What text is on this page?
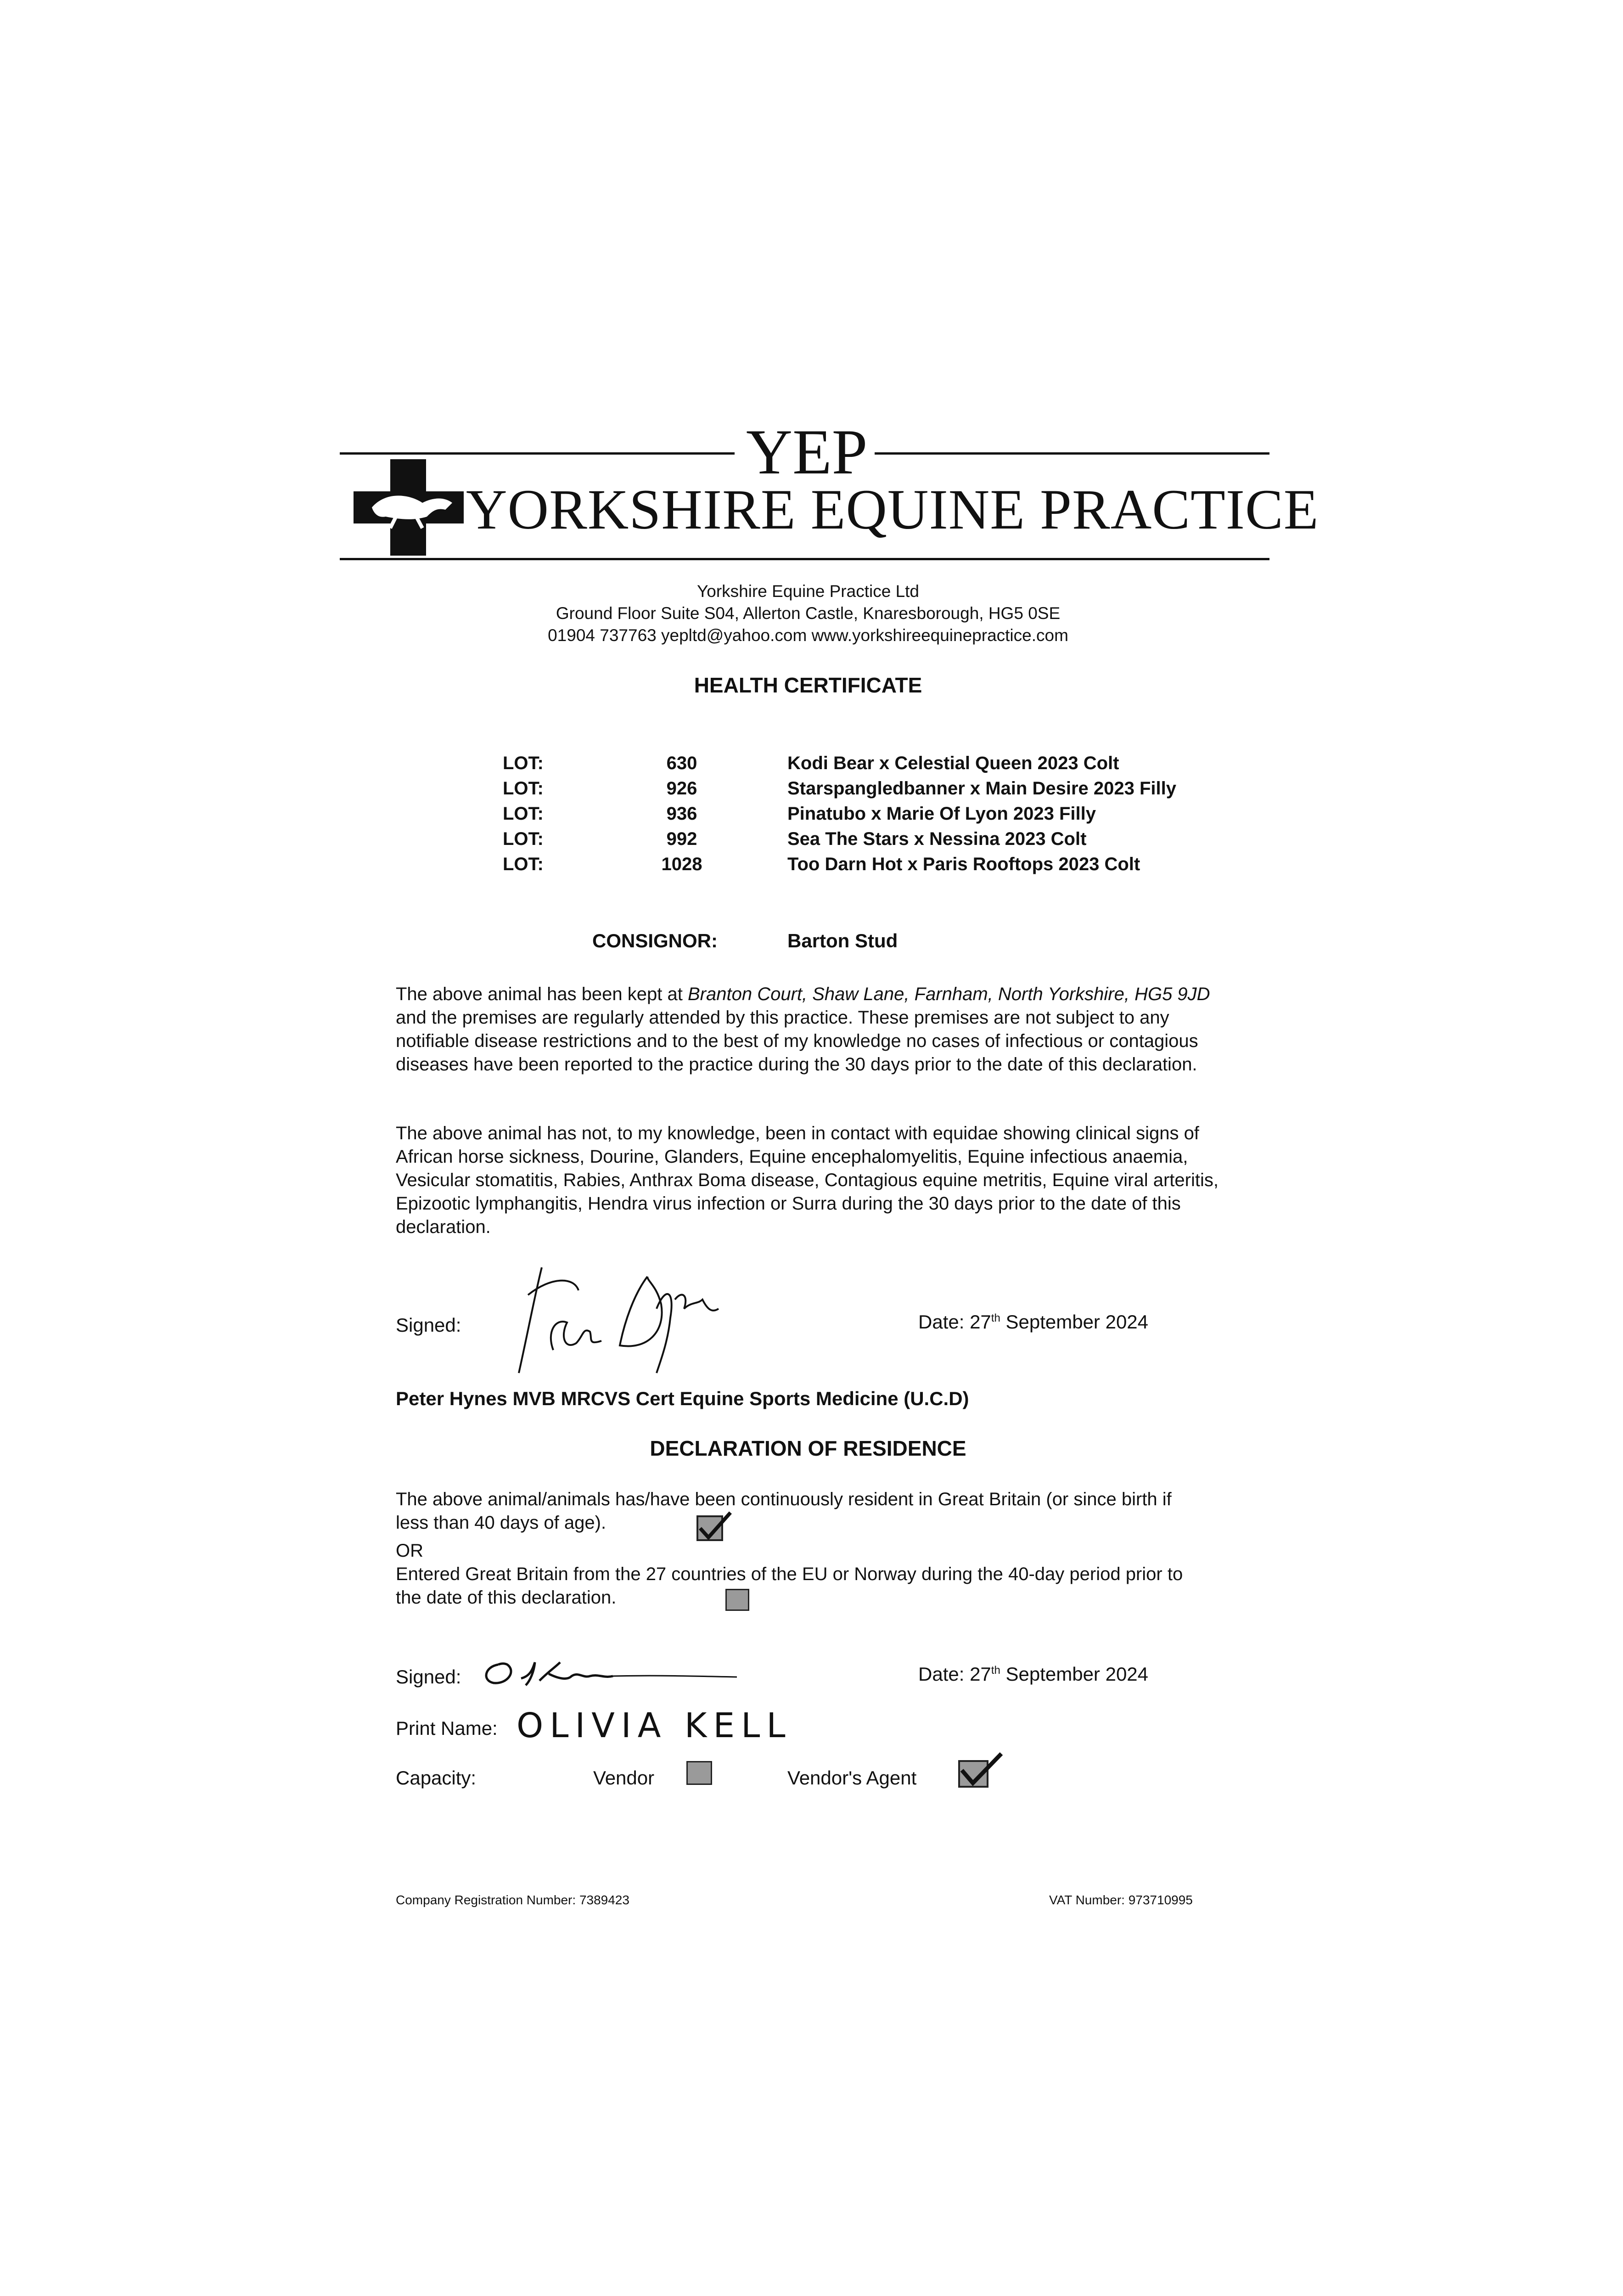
YEP
YORKSHIRE EQUINE PRACTICE
Yorkshire Equine Practice Ltd
Ground Floor Suite S04, Allerton Castle, Knaresborough, HG5 0SE
01904 737763 yepltd@yahoo.com www.yorkshireequinepractice.com
HEALTH CERTIFICATE
LOT:	630	Kodi Bear x Celestial Queen 2023 Colt
LOT:	926	Starspangledbanner x Main Desire 2023 Filly
LOT:	936	Pinatubo x Marie Of Lyon 2023 Filly
LOT:	992	Sea The Stars x Nessina 2023 Colt
LOT:	1028	Too Darn Hot x Paris Rooftops 2023 Colt
CONSIGNOR:	Barton Stud
The above animal has been kept at Branton Court, Shaw Lane, Farnham, North Yorkshire, HG5 9JD and the premises are regularly attended by this practice. These premises are not subject to any notifiable disease restrictions and to the best of my knowledge no cases of infectious or contagious diseases have been reported to the practice during the 30 days prior to the date of this declaration.
The above animal has not, to my knowledge, been in contact with equidae showing clinical signs of African horse sickness, Dourine, Glanders, Equine encephalomyelitis, Equine infectious anaemia, Vesicular stomatitis, Rabies, Anthrax Boma disease, Contagious equine metritis, Equine viral arteritis, Epizootic lymphangitis, Hendra virus infection or Surra during the 30 days prior to the date of this declaration.
Signed:	Date: 27th September 2024
Peter Hynes MVB MRCVS Cert Equine Sports Medicine (U.C.D)
DECLARATION OF RESIDENCE
The above animal/animals has/have been continuously resident in Great Britain (or since birth if less than 40 days of age).
OR
Entered Great Britain from the 27 countries of the EU or Norway during the 40-day period prior to the date of this declaration.
Signed:	Date: 27th September 2024
Print Name: OLIVIA KELL
Capacity:	Vendor	Vendor's Agent
Company Registration Number: 7389423	VAT Number: 973710995
